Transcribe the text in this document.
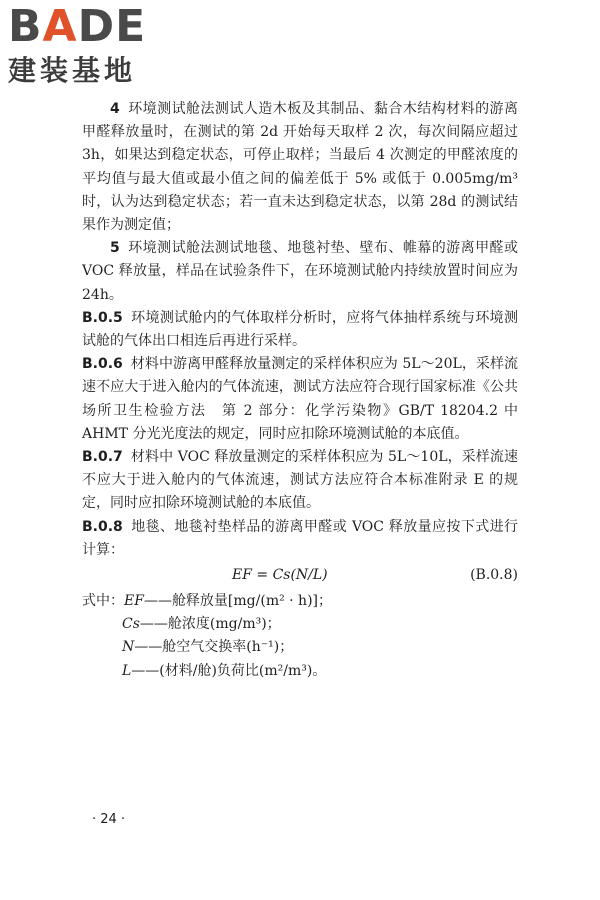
BADE
建装基地

4 环境测试舱法测试人造木板及其制品、黏合木结构材料的游离甲醛释放量时，在测试的第 2d 开始每天取样 2 次，每次间隔应超过 3h，如果达到稳定状态，可停止取样；当最后 4 次测定的甲醛浓度的平均值与最大值或最小值之间的偏差低于 5% 或低于 0.005mg/m³ 时，认为达到稳定状态；若一直未达到稳定状态，以第 28d 的测试结果作为测定值；

5 环境测试舱法测试地毯、地毯衬垫、壁布、帷幕的游离甲醛或 VOC 释放量，样品在试验条件下，在环境测试舱内持续放置时间应为 24h。

B.0.5 环境测试舱内的气体取样分析时，应将气体抽样系统与环境测试舱的气体出口相连后再进行采样。

B.0.6 材料中游离甲醛释放量测定的采样体积应为 5L～20L，采样流速不应大于进入舱内的气体流速，测试方法应符合现行国家标准《公共场所卫生检验方法　第 2 部分：化学污染物》GB/T 18204.2 中 AHMT 分光光度法的规定，同时应扣除环境测试舱的本底值。

B.0.7 材料中 VOC 释放量测定的采样体积应为 5L～10L，采样流速不应大于进入舱内的气体流速，测试方法应符合本标准附录 E 的规定，同时应扣除环境测试舱的本底值。

B.0.8 地毯、地毯衬垫样品的游离甲醛或 VOC 释放量应按下式进行计算：

EF = Cs(N/L)	(B.0.8)
式中： EF ——舱释放量[mg/(m² · h)]；
Cs ——舱浓度(mg/m³)；
N ——舱空气交换率(h⁻¹)；
L ——(材料/舱)负荷比(m²/m³)。
· 24 ·
